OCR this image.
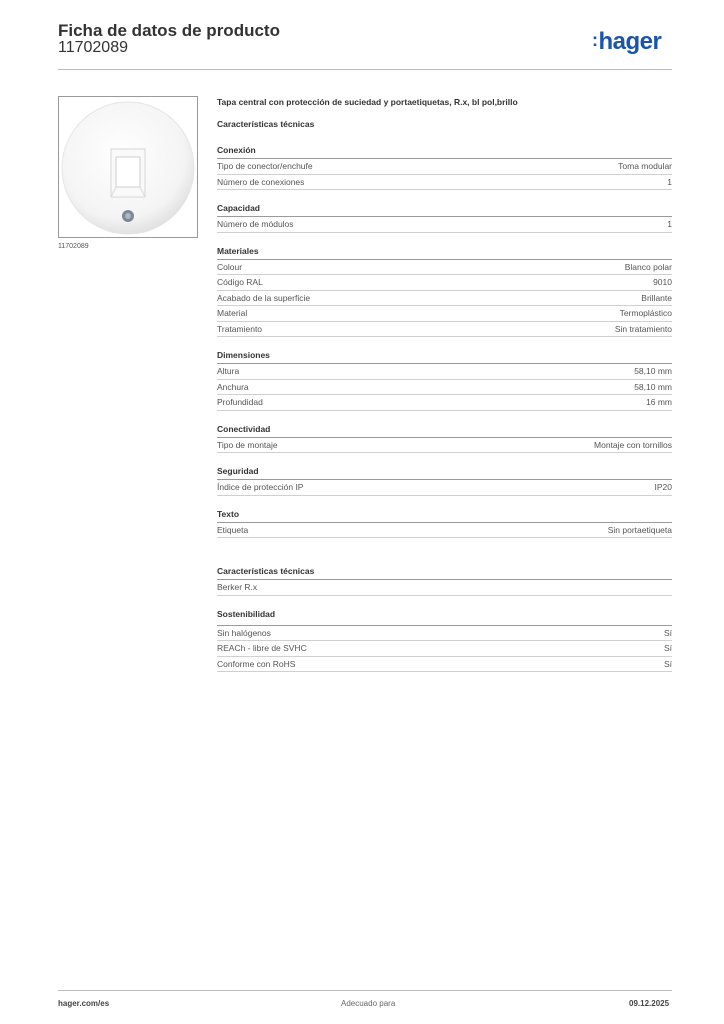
Ficha de datos de producto
11702089	:hager
11702089
Tapa central con protección de suciedad y portaetiquetas, R.x, bl pol,brillo
Características técnicas
Conexión
Tipo de conector/enchufe	Toma modular
Número de conexiones	1
Capacidad
Número de módulos	1
Materiales
Colour	Blanco polar
Código RAL	9010
Acabado de la superficie	Brillante
Material	Termoplástico
Tratamiento	Sin tratamiento
Dimensiones
Altura	58,10 mm
Anchura	58,10 mm
Profundidad	16 mm
Conectividad
Tipo de montaje	Montaje con tornillos
Seguridad
Índice de protección IP	IP20
Texto
Etiqueta	Sin portaetiqueta
Características técnicas
Berker R.x
Sostenibilidad
Sin halógenos	Sí
REACh - libre de SVHC	Sí
Conforme con RoHS	Sí
hager.com/es	Adecuado para	09.12.2025
